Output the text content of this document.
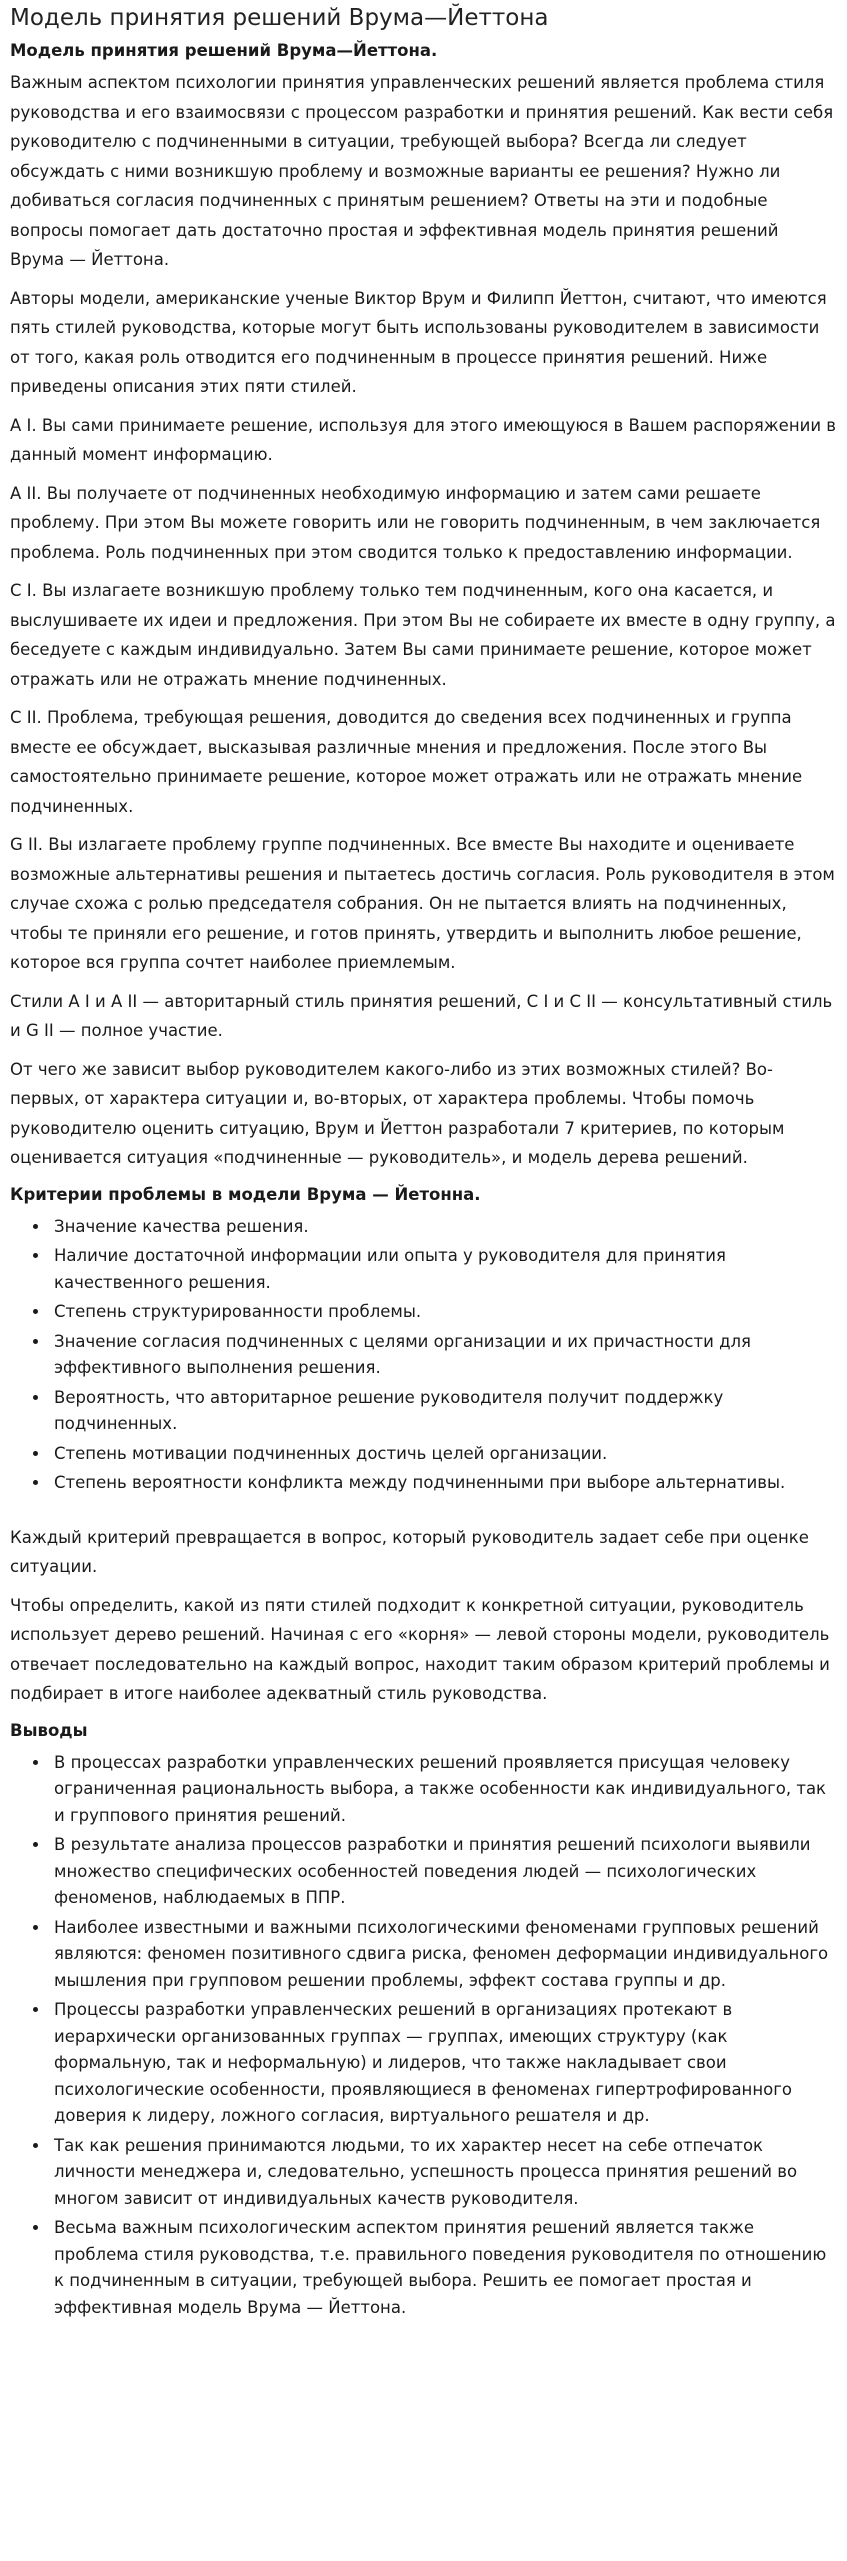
Модель принятия решений Врума—Йеттона
Модель принятия решений Врума—Йеттона.

Важным аспектом психологии принятия управленческих решений является проблема стиля руководства и его взаимосвязи с процессом разработки и принятия решений. Как вести себя руководителю с подчиненными в ситуации, требующей выбора? Всегда ли следует обсуждать с ними возникшую проблему и возможные варианты ее решения? Нужно ли добиваться согласия подчиненных с принятым решением? Ответы на эти и подобные вопросы помогает дать достаточно простая и эффективная модель принятия решений Врума — Йеттона.

Авторы модели, американские ученые Виктор Врум и Филипп Йеттон, считают, что имеются пять стилей руководства, которые могут быть использованы руководителем в зависимости от того, какая роль отводится его подчиненным в процессе принятия решений. Ниже приведены описания этих пяти стилей.

A I. Вы сами принимаете решение, используя для этого имеющуюся в Вашем распоряжении в данный момент информацию.

A II. Вы получаете от подчиненных необходимую информацию и затем сами решаете проблему. При этом Вы можете говорить или не говорить подчиненным, в чем заключается проблема. Роль подчиненных при этом сводится только к предоставлению информации.

C I. Вы излагаете возникшую проблему только тем подчиненным, кого она касается, и выслушиваете их идеи и предложения. При этом Вы не собираете их вместе в одну группу, а беседуете с каждым индивидуально. Затем Вы сами принимаете решение, которое может отражать или не отражать мнение подчиненных.

C II. Проблема, требующая решения, доводится до сведения всех подчиненных и группа вместе ее обсуждает, высказывая различные мнения и предложения. После этого Вы самостоятельно принимаете решение, которое может отражать или не отражать мнение подчиненных.

G II. Вы излагаете проблему группе подчиненных. Все вместе Вы находите и оцениваете возможные альтернативы решения и пытаетесь достичь согласия. Роль руководителя в этом случае схожа с ролью председателя собрания. Он не пытается влиять на подчиненных, чтобы те приняли его решение, и готов принять, утвердить и выполнить любое решение, которое вся группа сочтет наиболее приемлемым.

Стили A I и A II — авторитарный стиль принятия решений, C I и C II — консультативный стиль и G II — полное участие.

От чего же зависит выбор руководителем какого-либо из этих возможных стилей? Во-первых, от характера ситуации и, во-вторых, от характера проблемы. Чтобы помочь руководителю оценить ситуацию, Врум и Йеттон разработали 7 критериев, по которым оценивается ситуация «подчиненные — руководитель», и модель дерева решений.

Критерии проблемы в модели Врума — Йетонна.
• Значение качества решения.
• Наличие достаточной информации или опыта у руководителя для принятия качественного решения.
• Степень структурированности проблемы.
• Значение согласия подчиненных с целями организации и их причастности для эффективного выполнения решения.
• Вероятность, что авторитарное решение руководителя получит поддержку подчиненных.
• Степень мотивации подчиненных достичь целей организации.
• Степень вероятности конфликта между подчиненными при выборе альтернативы.

Каждый критерий превращается в вопрос, который руководитель задает себе при оценке ситуации.

Чтобы определить, какой из пяти стилей подходит к конкретной ситуации, руководитель использует дерево решений. Начиная с его «корня» — левой стороны модели, руководитель отвечает последовательно на каждый вопрос, находит таким образом критерий проблемы и подбирает в итоге наиболее адекватный стиль руководства.

Выводы
• В процессах разработки управленческих решений проявляется присущая человеку ограниченная рациональность выбора, а также особенности как индивидуального, так и группового принятия решений.
• В результате анализа процессов разработки и принятия решений психологи выявили множество специфических особенностей поведения людей — психологических феноменов, наблюдаемых в ППР.
• Наиболее известными и важными психологическими феноменами групповых решений являются: феномен позитивного сдвига риска, феномен деформации индивидуального мышления при групповом решении проблемы, эффект состава группы и др.
• Процессы разработки управленческих решений в организациях протекают в иерархически организованных группах — группах, имеющих структуру (как формальную, так и неформальную) и лидеров, что также накладывает свои психологические особенности, проявляющиеся в феноменах гипертрофированного доверия к лидеру, ложного согласия, виртуального решателя и др.
• Так как решения принимаются людьми, то их характер несет на себе отпечаток личности менеджера и, следовательно, успешность процесса принятия решений во многом зависит от индивидуальных качеств руководителя.
• Весьма важным психологическим аспектом принятия решений является также проблема стиля руководства, т.е. правильного поведения руководителя по отношению к подчиненным в ситуации, требующей выбора. Решить ее помогает простая и эффективная модель Врума — Йеттона.
